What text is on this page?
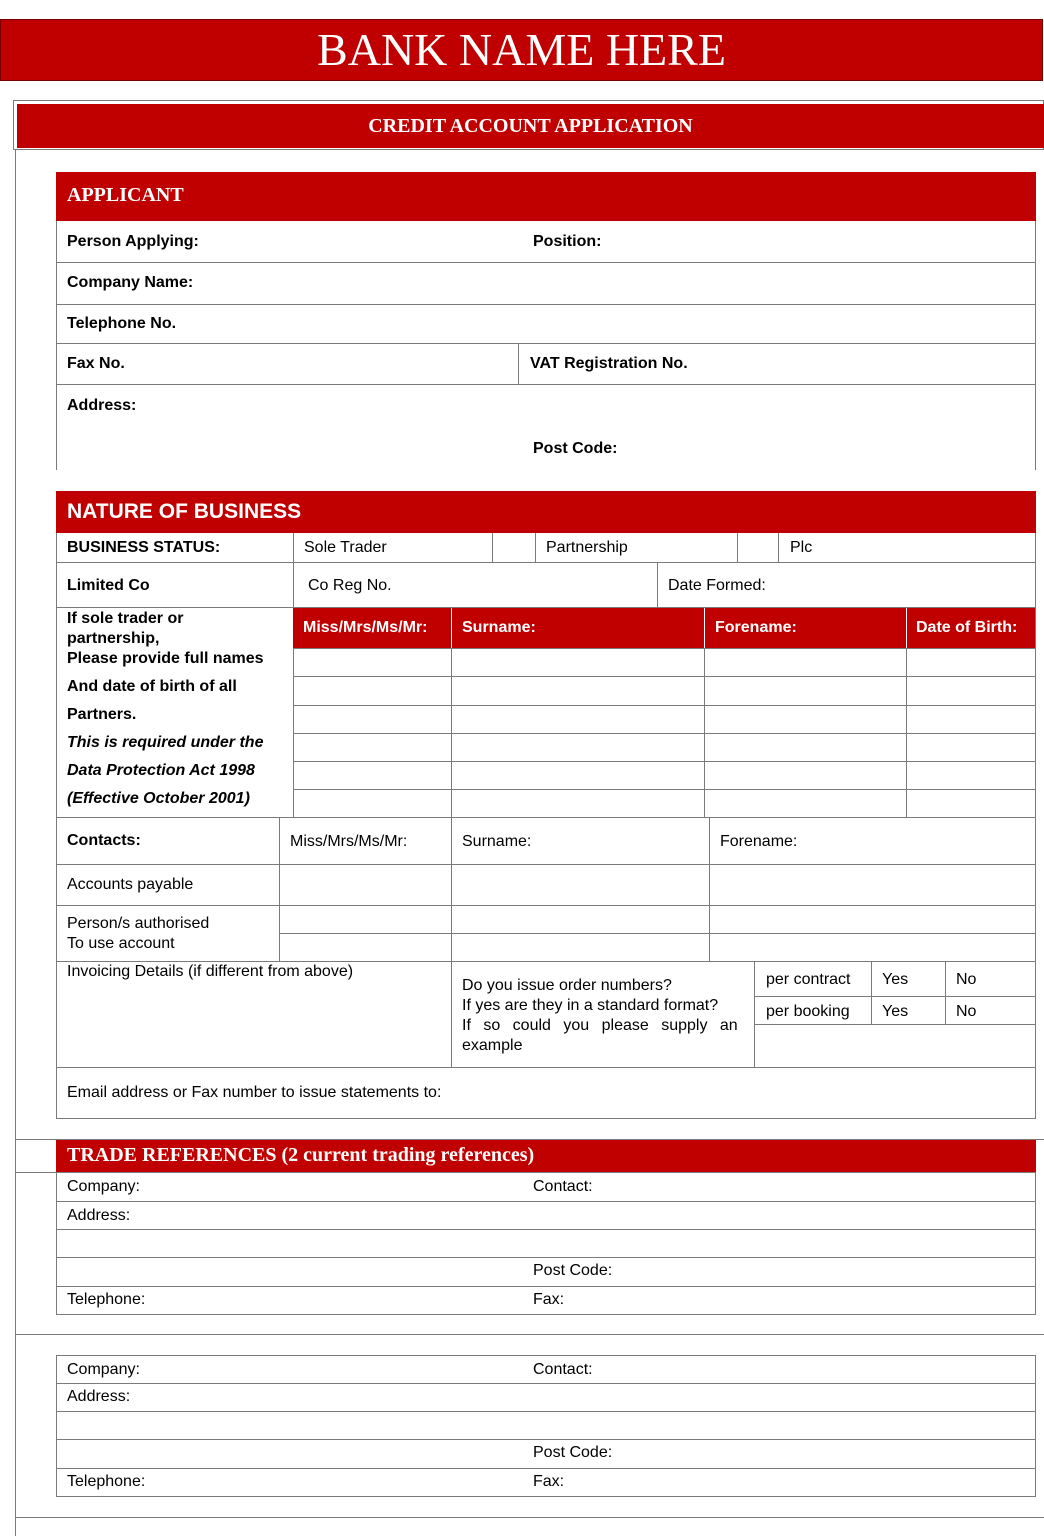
BANK NAME HERE
CREDIT ACCOUNT APPLICATION
APPLICANT
Person Applying:	Position:
Company Name:
Telephone No.
Fax No.	VAT Registration No.
Address:
Post Code:
NATURE OF BUSINESS
BUSINESS STATUS:	Sole Trader	Partnership	Plc
Limited Co	Co Reg No.	Date Formed:
If sole trader or
partnership,
Please provide full names
And date of birth of all
Partners.
This is required under the
Data Protection Act 1998
(Effective October 2001)
Miss/Mrs/Ms/Mr: Surname:	Forename:	Date of Birth:
Contacts:	Miss/Mrs/Ms/Mr:	Surname:	Forename:
Accounts payable
Person/s authorised
To use account
Invoicing Details (if different from above)
Do you issue order numbers?
If yes are they in a standard format?
If so could you please supply an
example
per contract Yes	No
per booking Yes	No
Email address or Fax number to issue statements to:
TRADE REFERENCES (2 current trading references)
Company:	Contact:
Address:
Post Code:
Telephone:	Fax:
Company:	Contact:
Address:
Post Code:
Telephone:	Fax:
